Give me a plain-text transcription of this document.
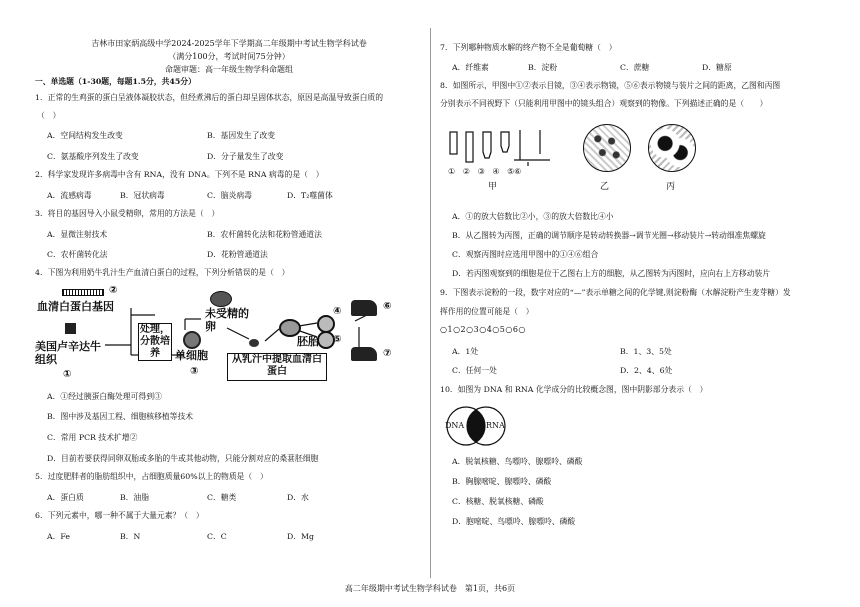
吉林市田家炳高级中学2024-2025学年下学期高二年级期中考试生物学科试卷
（满分100分，考试时间75分钟）
命题审题：高一年级生物学科命题组
一、单选题（1-30题，每题1.5分，共45分）
1．正常的生鸡蛋的蛋白呈液体凝胶状态，但经煮沸后的蛋白却呈固体状态，原因是高温导致蛋白质的
（　）
A．空间结构发生改变	B．基因发生了改变
C．氨基酸序列发生了改变	D．分子量发生了改变
2．科学家发现许多病毒中含有 RNA，没有 DNA。下列不是 RNA 病毒的是（　）
A．流感病毒	B．冠状病毒	C．脑炎病毒	D．T₂噬菌体
3．将目的基因导入小鼠受精卵，常用的方法是（　）
A．显微注射技术	B．农杆菌转化法和花粉管通道法
C．农杆菌转化法	D．花粉管通道法
4．下图为利用奶牛乳汁生产血清白蛋白的过程，下列分析错误的是（　）
②
血清白蛋白基因
处理，分散培养
美国卢辛达牛组织
①
单细胞
③
未受精的卵
④
⑤
胚胎
⑥
⑦
从乳汁中提取血清白蛋白
A．①经过胰蛋白酶处理可得到③
B．图中涉及基因工程、细胞核移植等技术
C．常用 PCR 技术扩增②
D．目前若要获得同卵双胎或多胎的牛或其他动物，只能分割对应的桑葚胚细胞
5．过度肥胖者的脂肪组织中，占细胞质量60%以上的物质是（　）
A．蛋白质	B．油脂	C．糖类	D．水
6．下列元素中，哪一种不属于大量元素？（　）
A．Fe	B．N	C．C	D．Mg
7．下列哪种物质水解的终产物不全是葡萄糖（　）
A．纤维素	B．淀粉	C．蔗糖	D．糖原
8．如图所示，甲图中①②表示目镜，③④表示物镜，⑤⑥表示物镜与装片之间的距离，乙图和丙图
分别表示不同视野下（只能利用甲图中的镜头组合）观察到的物像。下列描述正确的是（　　）
①　②　③　④　⑤⑥
甲	乙	丙
A．①的放大倍数比②小，③的放大倍数比④小
B．从乙图转为丙图，正确的调节顺序是转动转换器→调节光圈→移动装片→转动细准焦螺旋
C．观察丙图时应选用甲图中的①④⑥组合
D．若丙图观察到的细胞是位于乙图右上方的细胞，从乙图转为丙图时，应向右上方移动装片
9．下图表示淀粉的一段，数字对应的“—”表示单糖之间的化学键,则淀粉酶（水解淀粉产生麦芽糖）发
挥作用的位置可能是（　）
○1○2○3○4○5○6○
A．1处	B．1、3、5处
C．任何一处	D．2、4、6处
10．如图为 DNA 和 RNA 化学成分的比较概念图，图中阴影部分表示（　）
DNA	RNA
A．脱氧核糖、鸟嘌呤、腺嘌呤、磷酸
B．胸腺嘧啶、腺嘌呤、磷酸
C．核糖、脱氧核糖、磷酸
D．胞嘧啶、鸟嘌呤、腺嘌呤、磷酸
高二年级期中考试生物学科试卷　第1页，共6页
